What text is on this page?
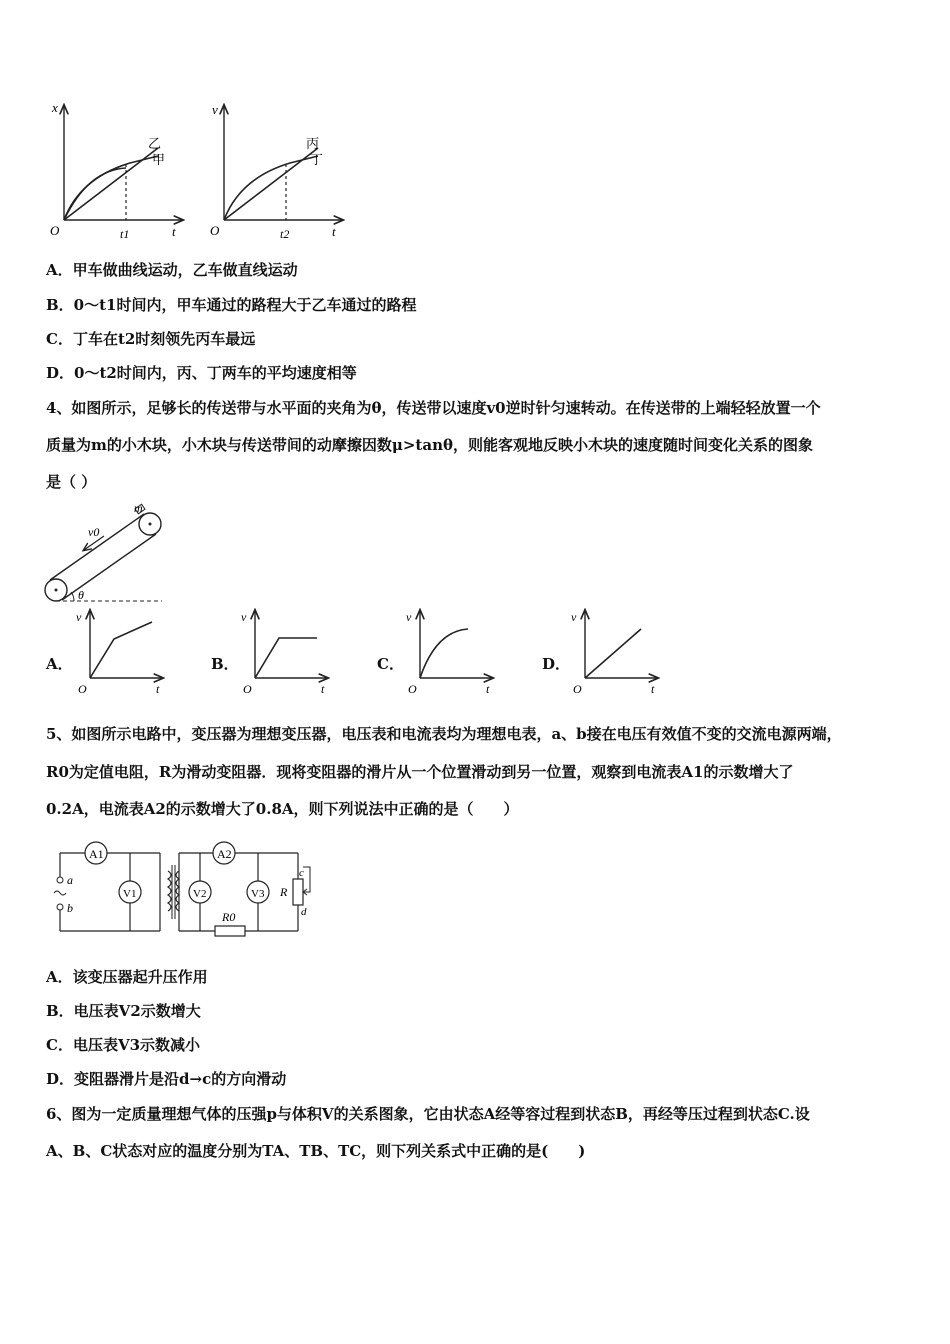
x
O	t1	t
乙
甲
v
O	t2	t
丙
丁
A．甲车做曲线运动，乙车做直线运动
B．0～t1时间内，甲车通过的路程大于乙车通过的路程
C．丁车在t2时刻领先丙车最远
D．0～t2时间内，丙、丁两车的平均速度相等
4、如图所示，足够长的传送带与水平面的夹角为θ，传送带以速度v0逆时针匀速转动。在传送带的上端轻轻放置一个
质量为m的小木块，小木块与传送带间的动摩擦因数μ>tanθ，则能客观地反映小木块的速度随时间变化关系的图象
是（ ）
m
v0
θ
A．	B．	C．	D．
v
O	t
v
O	t
v
O	t
v
O	t
5、如图所示电路中，变压器为理想变压器，电压表和电流表均为理想电表，a、b接在电压有效值不变的交流电源两端，
R0为定值电阻，R为滑动变阻器．现将变阻器的滑片从一个位置滑动到另一位置，观察到电流表A1的示数增大了
0.2A，电流表A2的示数增大了0.8A，则下列说法中正确的是（　　）
a
b
A1
V1
A2
V2	V3
R0
R
c
d
A．该变压器起升压作用
B．电压表V2示数增大
C．电压表V3示数减小
D．变阻器滑片是沿d→c的方向滑动
6、图为一定质量理想气体的压强p与体积V的关系图象，它由状态A经等容过程到状态B，再经等压过程到状态C.设
A、B、C状态对应的温度分别为TA、TB、TC，则下列关系式中正确的是(　　)
